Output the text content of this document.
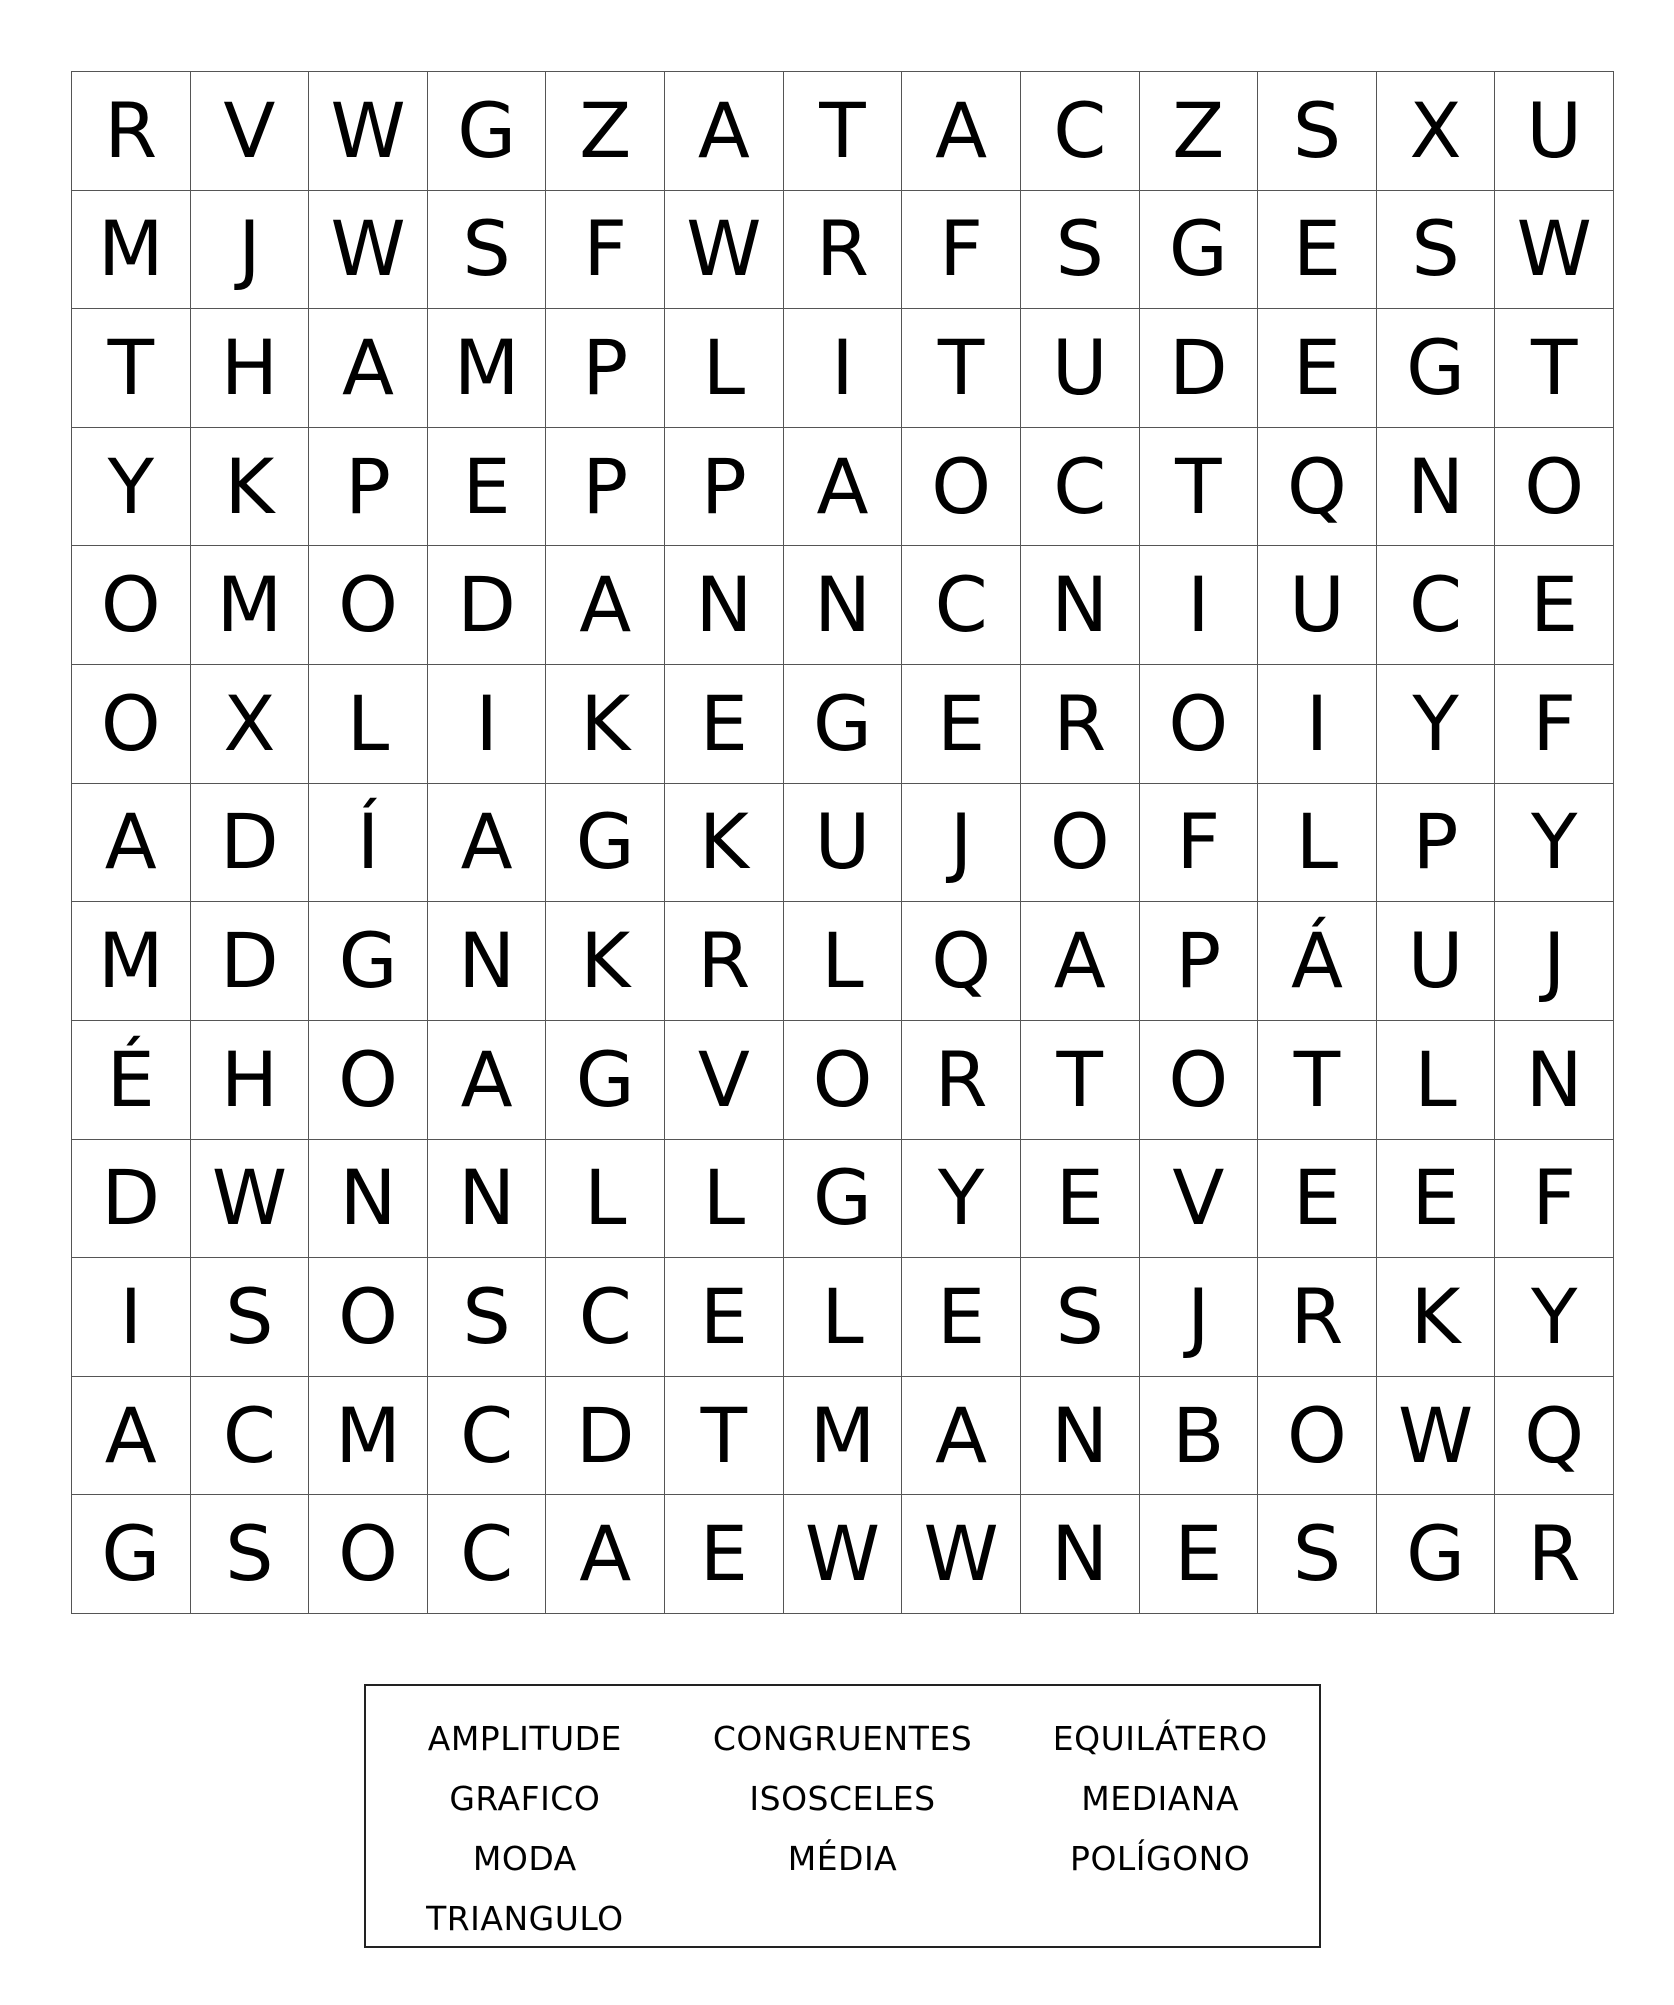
R V W G Z A T A C Z S X U
M J W S F W R F S G E S W
T H A M P L	I	T U D E G T
Y K P E P P A O C T Q N O
O M O D A N N C N	I	U C E
O X L	I	K E G E R O	I	Y F
A D	Í	A G K U	J	O F L P Y
M D G N K R L Q A P Á U	J
É H O A G V O R T O T L N
D W N N L	L G Y E V E E F
I	S O S C E L E S	J	R K Y
A C M C D T M A N B O W Q
G S O C A E W W N E S G R
AMPLITUDE	CONGRUENTES	EQUILÁTERO
GRAFICO	ISOSCELES	MEDIANA
MODA	MÉDIA	POLÍGONO
TRIANGULO
